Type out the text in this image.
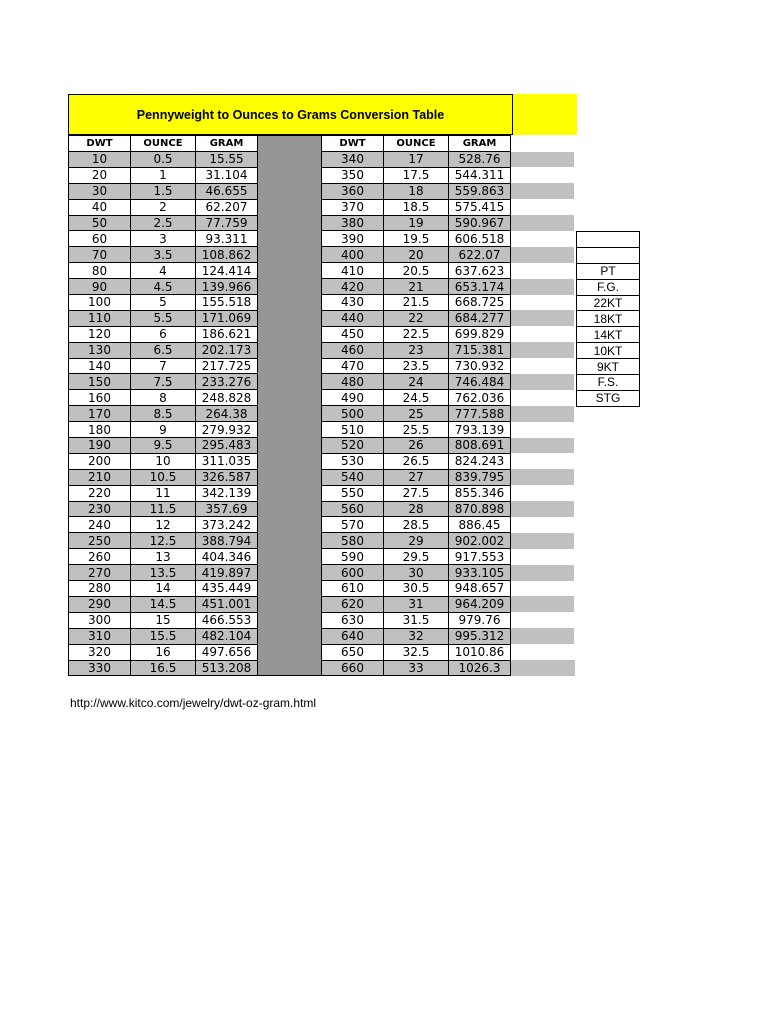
Pennyweight to Ounces to Grams Conversion Table
DWT	OUNCE	GRAM		DWT	OUNCE	GRAM	
10	0.5	15.55		340	17	528.76	
20	1	31.104		350	17.5	544.311	
30	1.5	46.655		360	18	559.863	
40	2	62.207		370	18.5	575.415	
50	2.5	77.759		380	19	590.967	
60	3	93.311		390	19.5	606.518	
70	3.5	108.862		400	20	622.07	
80	4	124.414		410	20.5	637.623	
90	4.5	139.966		420	21	653.174	
100	5	155.518		430	21.5	668.725	
110	5.5	171.069		440	22	684.277	
120	6	186.621		450	22.5	699.829	
130	6.5	202.173		460	23	715.381	
140	7	217.725		470	23.5	730.932	
150	7.5	233.276		480	24	746.484	
160	8	248.828		490	24.5	762.036	
170	8.5	264.38		500	25	777.588	
180	9	279.932		510	25.5	793.139	
190	9.5	295.483		520	26	808.691	
200	10	311.035		530	26.5	824.243	
210	10.5	326.587		540	27	839.795	
220	11	342.139		550	27.5	855.346	
230	11.5	357.69		560	28	870.898	
240	12	373.242		570	28.5	886.45	
250	12.5	388.794		580	29	902.002	
260	13	404.346		590	29.5	917.553	
270	13.5	419.897		600	30	933.105	
280	14	435.449		610	30.5	948.657	
290	14.5	451.001		620	31	964.209	
300	15	466.553		630	31.5	979.76	
310	15.5	482.104		640	32	995.312	
320	16	497.656		650	32.5	1010.86	
330	16.5	513.208		660	33	1026.3	

PT
F.G.
22KT
18KT
14KT
10KT
9KT
F.S.
STG
http://www.kitco.com/jewelry/dwt-oz-gram.html
